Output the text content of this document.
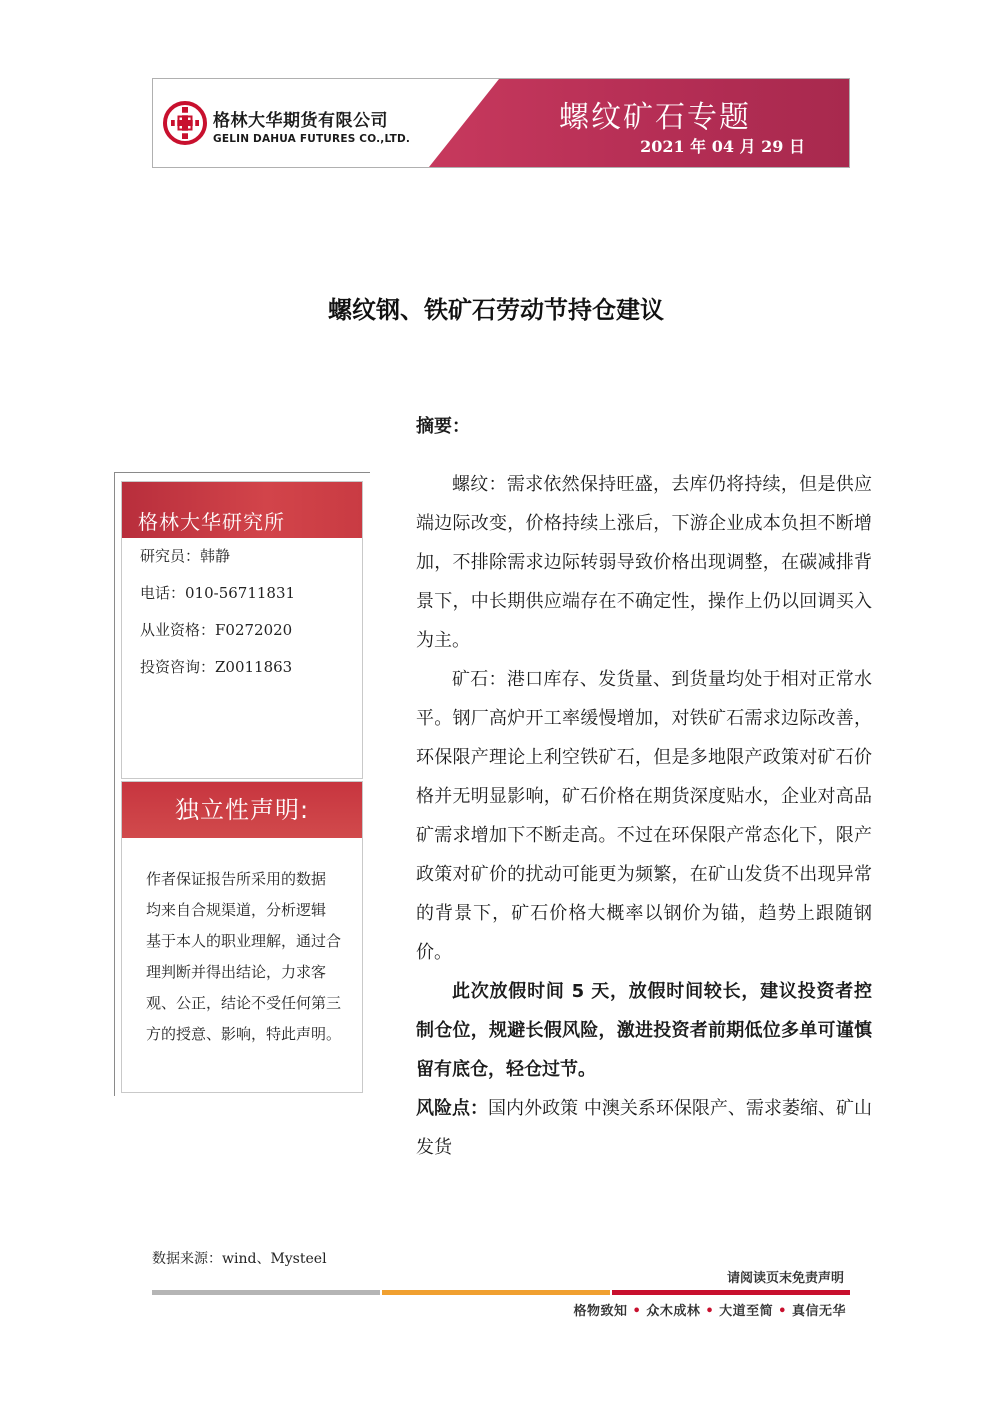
格林大华期货有限公司
GELIN DAHUA FUTURES CO.,LTD.
螺纹矿石专题
2021 年 04 月 29 日
螺纹钢、铁矿石劳动节持仓建议
格林大华研究所
研究员：韩静
电话：010-56711831
从业资格：F0272020
投资咨询：Z0011863
独立性声明:
作者保证报告所采用的数据
均来自合规渠道，分析逻辑
基于本人的职业理解，通过合
理判断并得出结论，力求客
观、公正，结论不受任何第三
方的授意、影响，特此声明。
摘要：

螺纹：需求依然保持旺盛，去库仍将持续，但是供应端边际改变，价格持续上涨后，下游企业成本负担不断增加，不排除需求边际转弱导致价格出现调整，在碳减排背景下，中长期供应端存在不确定性，操作上仍以回调买入为主。

矿石：港口库存、发货量、到货量均处于相对正常水平。钢厂高炉开工率缓慢增加，对铁矿石需求边际改善，环保限产理论上利空铁矿石，但是多地限产政策对矿石价格并无明显影响，矿石价格在期货深度贴水，企业对高品矿需求增加下不断走高。不过在环保限产常态化下，限产政策对矿价的扰动可能更为频繁，在矿山发货不出现异常的背景下，矿石价格大概率以钢价为锚，趋势上跟随钢价。

此次放假时间 5 天，放假时间较长，建议投资者控制仓位，规避长假风险，激进投资者前期低位多单可谨慎留有底仓，轻仓过节。

风险点：国内外政策 中澳关系环保限产、需求萎缩、矿山发货

数据来源：wind、Mysteel
请阅读页末免责声明
格物致知 • 众木成林 • 大道至简 • 真信无华
